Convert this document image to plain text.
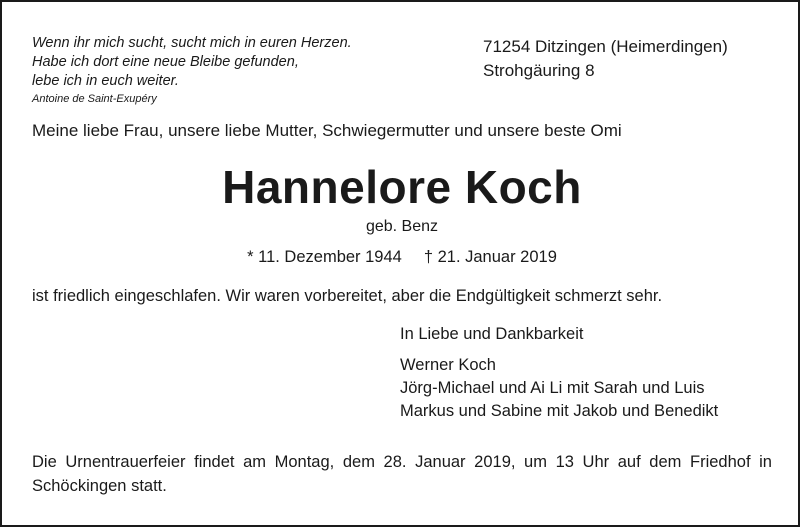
Wenn ihr mich sucht, sucht mich in euren Herzen.
Habe ich dort eine neue Bleibe gefunden,
lebe ich in euch weiter.
Antoine de Saint-Exupéry
71254 Ditzingen (Heimerdingen)
Strohgäuring 8
Meine liebe Frau, unsere liebe Mutter, Schwiegermutter und unsere beste Omi
Hannelore Koch
geb. Benz
* 11. Dezember 1944 † 21. Januar 2019
ist friedlich eingeschlafen. Wir waren vorbereitet, aber die Endgültigkeit schmerzt sehr.
In Liebe und Dankbarkeit
Werner Koch
Jörg-Michael und Ai Li mit Sarah und Luis
Markus und Sabine mit Jakob und Benedikt
Die Urnentrauerfeier findet am Montag, dem 28. Januar 2019, um 13 Uhr auf dem Friedhof in Schöckingen statt.
